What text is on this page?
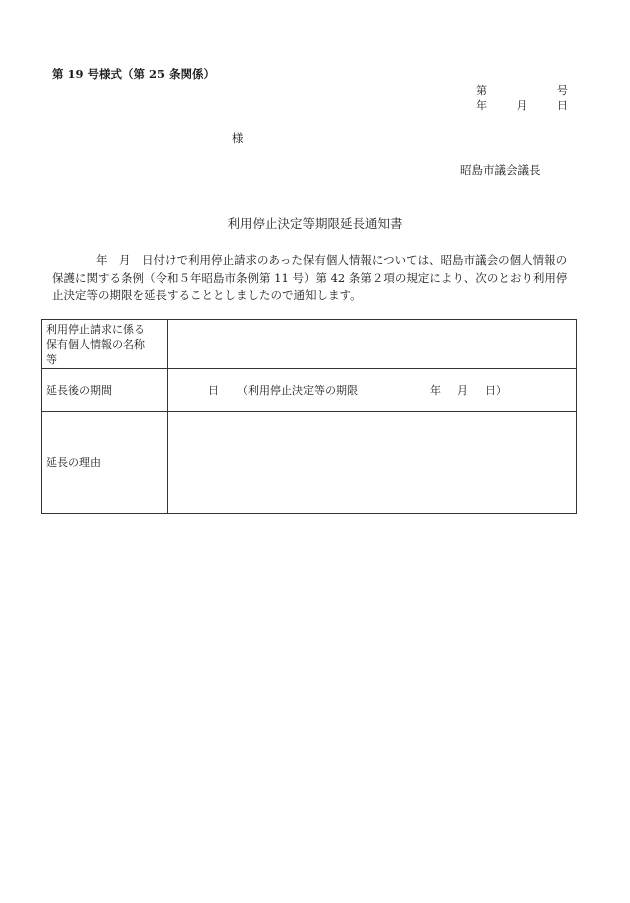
第 19 号様式（第 25 条関係）
第	号
年	月	日
様
昭島市議会議長
利用停止決定等期限延長通知書
年　月　日付けで利用停止請求のあった保有個人情報については、昭島市議会の個人情報の
保護に関する条例（令和５年昭島市条例第 11 号）第 42 条第２項の規定により、次のとおり利用停
止決定等の期限を延長することとしましたので通知します。
利用停止請求に係る
保有個人情報の名称
等	

延長後の期間	日 （利用停止決定等の期限 年 月 日）

延長の理由	
